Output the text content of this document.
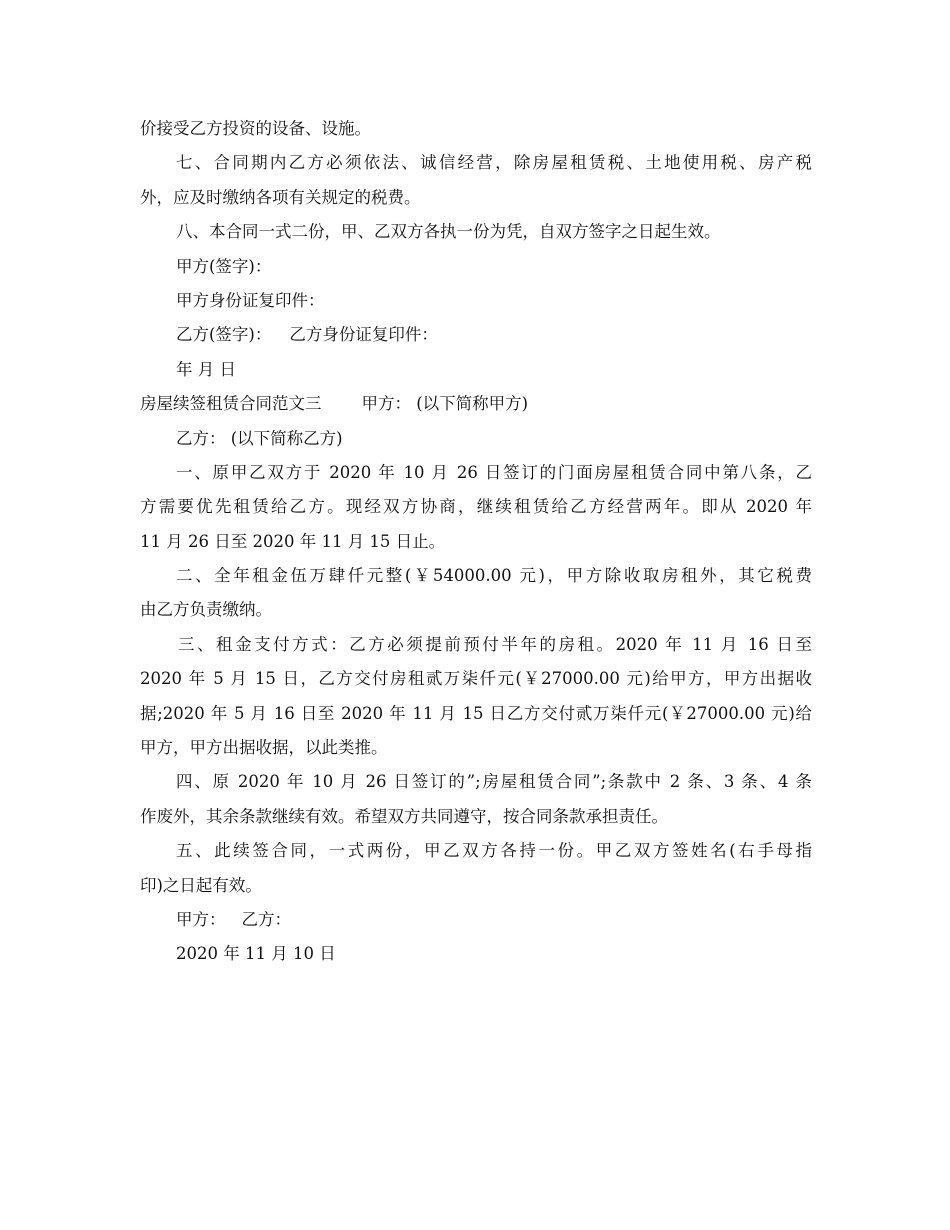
价接受乙方投资的设备、设施。
七、合同期内乙方必须依法、诚信经营，除房屋租赁税、土地使用税、房产税
外，应及时缴纳各项有关规定的税费。
八、本合同一式二份，甲、乙双方各执一份为凭，自双方签字之日起生效。
甲方(签字)：
甲方身份证复印件：
乙方(签字)： 乙方身份证复印件：
年 月 日
房屋续签租赁合同范文三 甲方： (以下简称甲方)
乙方： (以下简称乙方)
一、原甲乙双方于 2020 年 10 月 26 日签订的门面房屋租赁合同中第八条，乙
方需要优先租赁给乙方。现经双方协商，继续租赁给乙方经营两年。即从 2020 年
11 月 26 日至 2020 年 11 月 15 日止。
二、全年租金伍万肆仟元整(￥54000.00 元)，甲方除收取房租外，其它税费
由乙方负责缴纳。
三、租金支付方式：乙方必须提前预付半年的房租。2020 年 11 月 16 日至
2020 年 5 月 15 日，乙方交付房租贰万柒仟元(￥27000.00 元)给甲方，甲方出据收
据;2020 年 5 月 16 日至 2020 年 11 月 15 日乙方交付贰万柒仟元(￥27000.00 元)给
甲方，甲方出据收据，以此类推。
四、原 2020 年 10 月 26 日签订的”;房屋租赁合同”;条款中 2 条、3 条、4 条
作废外，其余条款继续有效。希望双方共同遵守，按合同条款承担责任。
五、此续签合同，一式两份，甲乙双方各持一份。甲乙双方签姓名(右手母指
印)之日起有效。
甲方： 乙方：
2020 年 11 月 10 日
